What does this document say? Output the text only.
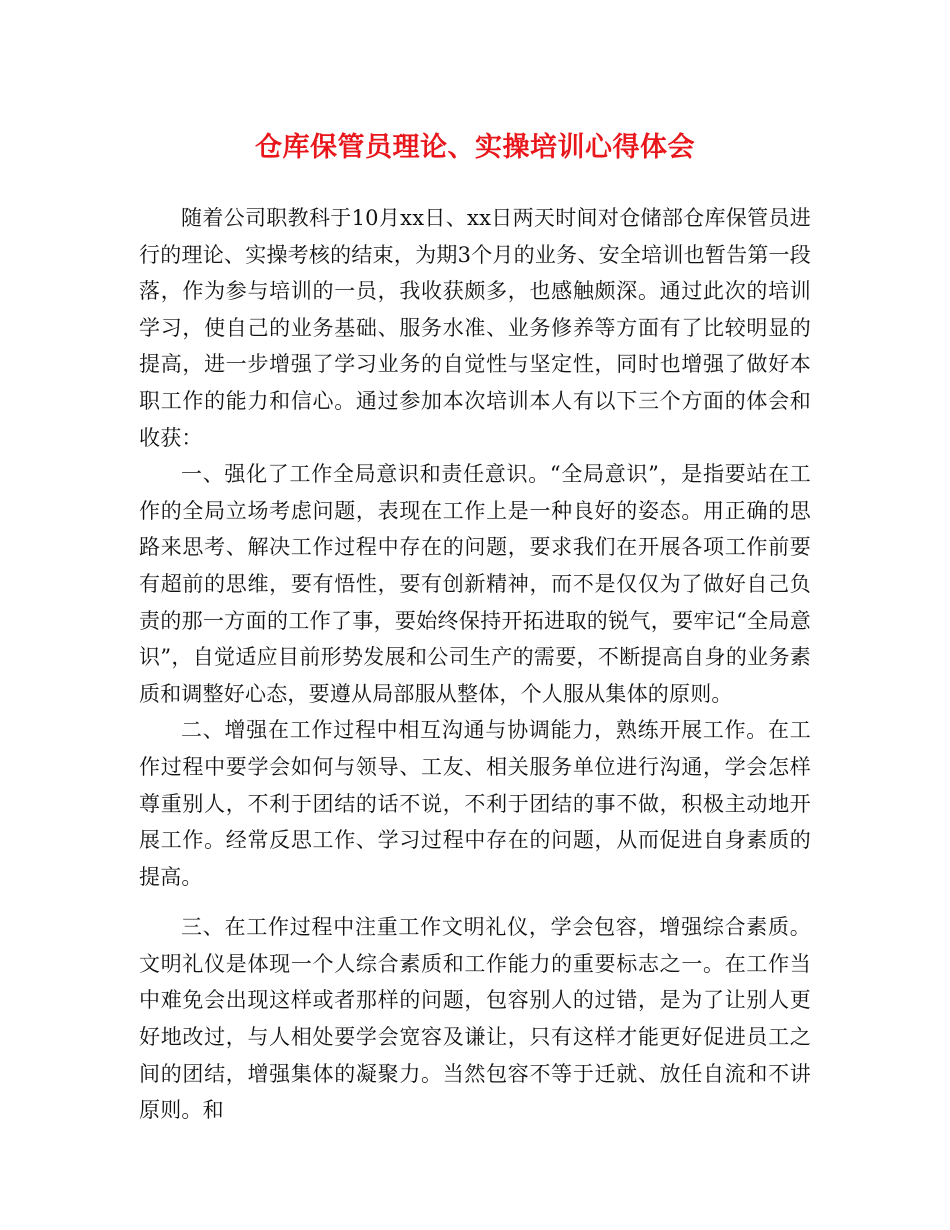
仓库保管员理论、实操培训心得体会

随着公司职教科于10月xx日、xx日两天时间对仓储部仓库保管员进行的理论、实操考核的结束，为期3个月的业务、安全培训也暂告第一段落，作为参与培训的一员，我收获颇多，也感触颇深。通过此次的培训学习，使自己的业务基础、服务水准、业务修养等方面有了比较明显的提高，进一步增强了学习业务的自觉性与坚定性，同时也增强了做好本职工作的能力和信心。通过参加本次培训本人有以下三个方面的体会和收获：

一、强化了工作全局意识和责任意识。“全局意识”，是指要站在工作的全局立场考虑问题，表现在工作上是一种良好的姿态。用正确的思路来思考、解决工作过程中存在的问题，要求我们在开展各项工作前要有超前的思维，要有悟性，要有创新精神，而不是仅仅为了做好自己负责的那一方面的工作了事，要始终保持开拓进取的锐气，要牢记“全局意识”，自觉适应目前形势发展和公司生产的需要，不断提高自身的业务素质和调整好心态，要遵从局部服从整体，个人服从集体的原则。

二、增强在工作过程中相互沟通与协调能力，熟练开展工作。在工作过程中要学会如何与领导、工友、相关服务单位进行沟通，学会怎样尊重别人，不利于团结的话不说，不利于团结的事不做，积极主动地开展工作。经常反思工作、学习过程中存在的问题，从而促进自身素质的提高。

三、在工作过程中注重工作文明礼仪，学会包容，增强综合素质。文明礼仪是体现一个人综合素质和工作能力的重要标志之一。在工作当中难免会出现这样或者那样的问题，包容别人的过错，是为了让别人更好地改过，与人相处要学会宽容及谦让，只有这样才能更好促进员工之间的团结，增强集体的凝聚力。当然包容不等于迁就、放任自流和不讲原则。和
